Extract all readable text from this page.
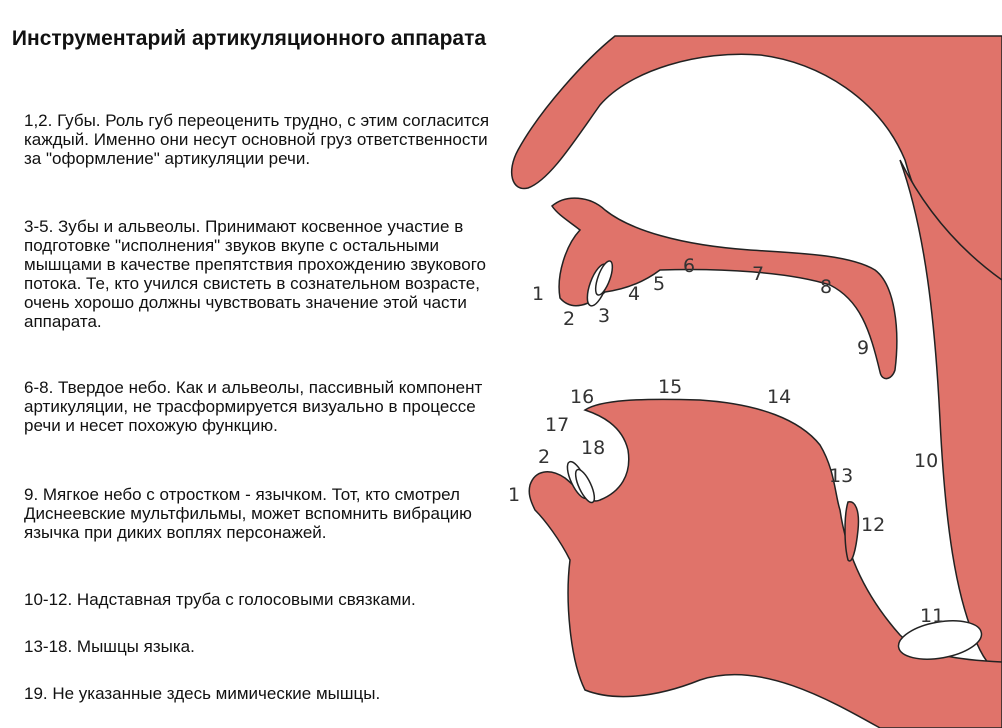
Инструментарий артикуляционного аппарата
1,2. Губы. Роль губ переоценить трудно, с этим согласится каждый. Именно они несут основной груз ответственности за "оформление" артикуляции речи.
3-5. Зубы и альвеолы. Принимают косвенное участие в подготовке "исполнения" звуков вкупе с остальными мышцами в качестве препятствия прохождению звукового потока. Те, кто учился свистеть в сознательном возрасте, очень хорошо должны чувствовать значение этой части аппарата.
6-8. Твердое небо. Как и альвеолы, пассивный компонент артикуляции, не трасформируется визуально в процессе речи и несет похожую функцию.
9. Мягкое небо с отростком - язычком. Тот, кто смотрел Диснеевские мультфильмы, может вспомнить вибрацию язычка при диких воплях персонажей.
10-12. Надставная труба с голосовыми связками.
13-18. Мышцы языка.
19. Не указанные здесь мимические мышцы.
1
2 3
4 5
6	7
8
9
16	15	14
17
18
2
1
13
12
10
11
